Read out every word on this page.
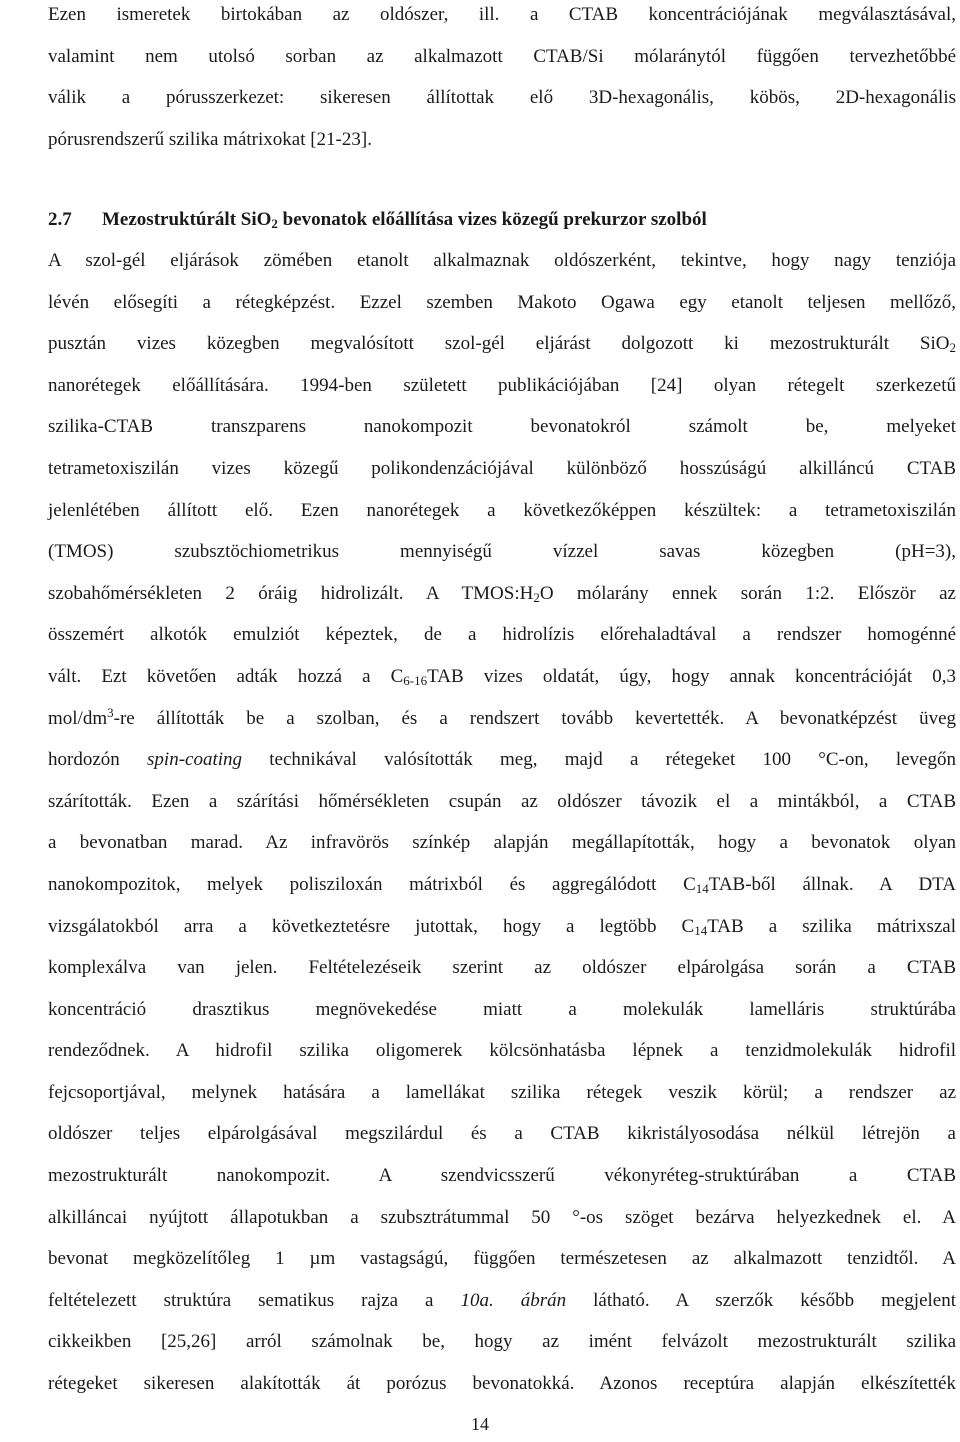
Ezen ismeretek birtokában az oldószer, ill. a CTAB koncentrációjának megválasztásával,
valamint nem utolsó sorban az alkalmazott CTAB/Si mólaránytól függően tervezhetőbbé
válik a pórusszerkezet: sikeresen állítottak elő 3D-hexagonális, köbös, 2D-hexagonális
pórusrendszerű szilika mátrixokat [21-23].
2.7 Mezostruktúrált SiO$_2$ bevonatok előállítása vizes közegű prekurzor szolból
A szol-gél eljárások zömében etanolt alkalmaznak oldószerként, tekintve, hogy nagy tenziója
lévén elősegíti a rétegképzést. Ezzel szemben Makoto Ogawa egy etanolt teljesen mellőző,
pusztán vizes közegben megvalósított szol-gél eljárást dolgozott ki mezostrukturált SiO$_2$
nanorétegek előállítására. 1994-ben született publikációjában [24] olyan rétegelt szerkezetű
szilika-CTAB transzparens nanokompozit bevonatokról számolt be, melyeket
tetrametoxiszilán vizes közegű polikondenzációjával különböző hosszúságú alkilláncú CTAB
jelenlétében állított elő. Ezen nanorétegek a következőképpen készültek: a tetrametoxiszilán
(TMOS) szubsztöchiometrikus mennyiségű vízzel savas közegben (pH=3),
szobahőmérsékleten 2 óráig hidrolizált. A $TMOS:H_2O$ mólarány ennek során 1:2. Először az
összemért alkotók emulziót képeztek, de a hidrolízis előrehaladtával a rendszer homogénné
vált. Ezt követően adták hozzá a $C_{6-16}TAB$ vizes oldatát, úgy, hogy annak koncentrációját 0,3
mol/$dm^3-re$ állították be a szolban, és a rendszert tovább kevertették. A bevonatképzést üveg
hordozón spin-coating technikával valósították meg, majd a rétegeket 100 °C-on, levegőn
szárították. Ezen a szárítási hőmérsékleten csupán az oldószer távozik el a mintákból, a CTAB
a bevonatban marad. Az infravörös színkép alapján megállapították, hogy a bevonatok olyan
nanokompozitok, melyek polisziloxán mátrixból és aggregálódott $C_{14}TAB$-ből állnak. A DTA
vizsgálatokból arra a következtetésre jutottak, hogy a legtöbb $C_{14}TAB$ a szilika mátrixszal
komplexálva van jelen. Feltételezéseik szerint az oldószer elpárolgása során a CTAB
koncentráció drasztikus megnövekedése miatt a molekulák lamelláris struktúrába
rendeződnek. A hidrofil szilika oligomerek kölcsönhatásba lépnek a tenzidmolekulák hidrofil
fejcsoportjával, melynek hatására a lamellákat szilika rétegek veszik körül; a rendszer az
oldószer teljes elpárolgásával megszilárdul és a CTAB kikristályosodása nélkül létrejön a
mezostrukturált nanokompozit. A szendvicsszerű vékonyréteg-struktúrában a CTAB
alkilláncai nyújtott állapotukban a szubsztrátummal 50 °-os szöget bezárva helyezkednek el. A
bevonat megközelítőleg 1 µm vastagságú, függően természetesen az alkalmazott tenzidtől. A
feltételezett struktúra sematikus rajza a 10a. ábrán látható. A szerzők később megjelent
cikkeikben [25,26] arról számolnak be, hogy az imént felvázolt mezostrukturált szilika
rétegeket sikeresen alakították át porózus bevonatokká. Azonos receptúra alapján elkészítették
14
